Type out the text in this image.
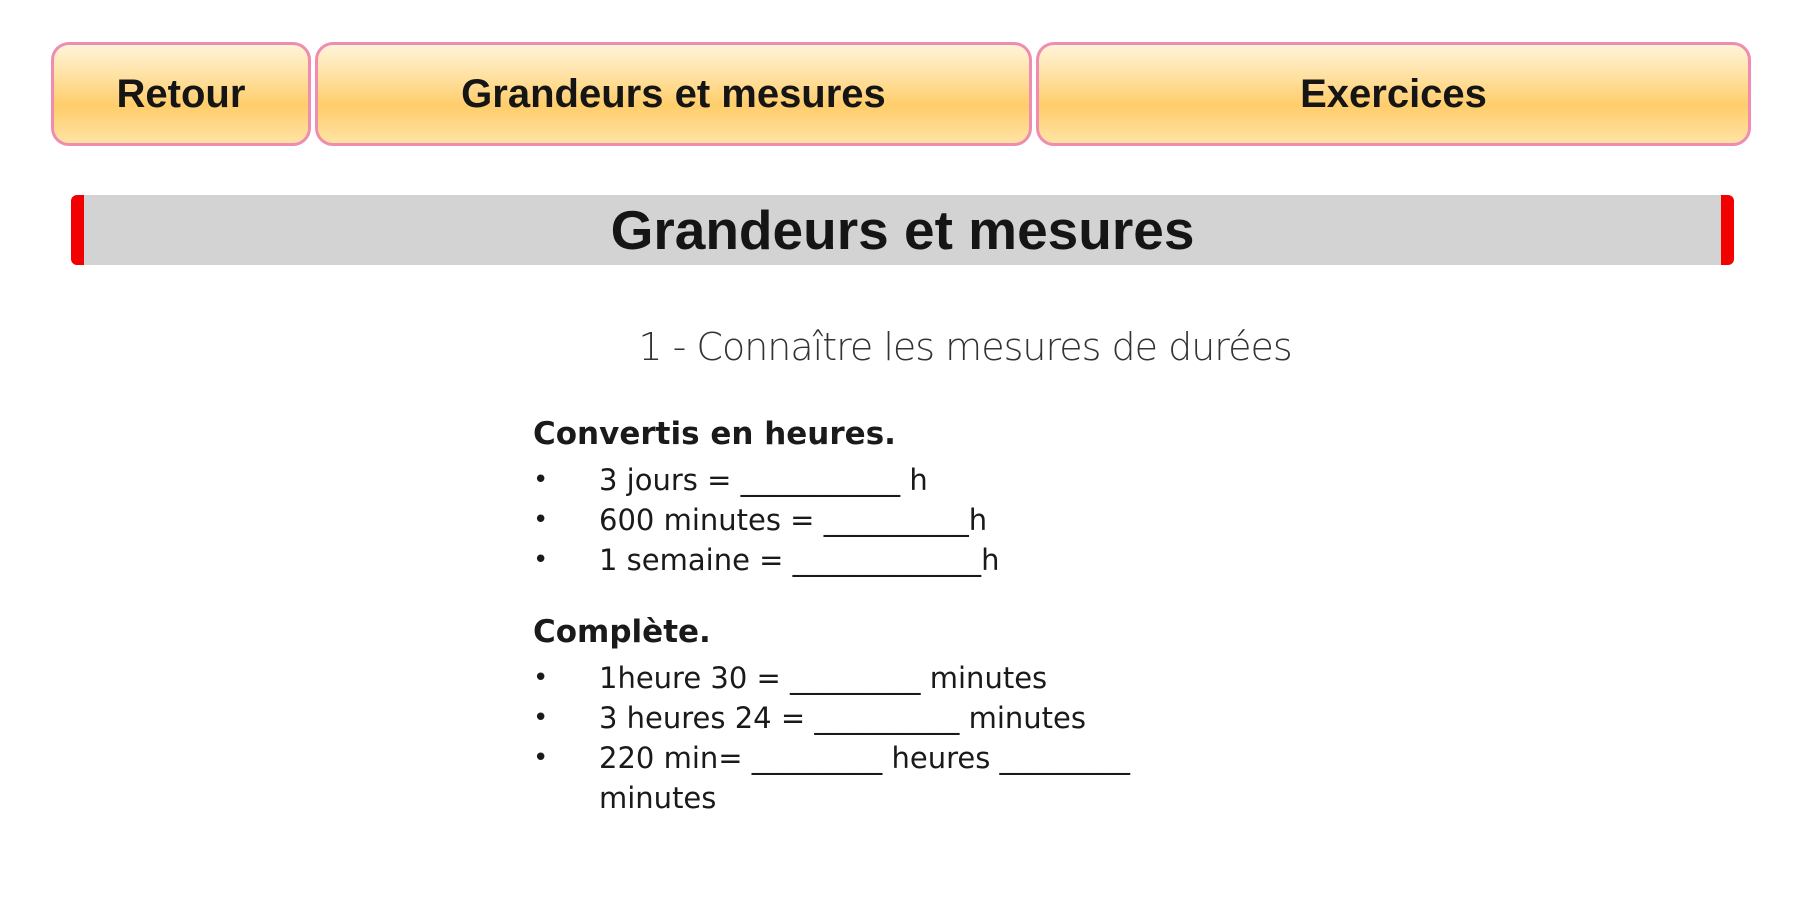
Retour	Grandeurs et mesures	Exercices
Grandeurs et mesures
1 - Connaître les mesures de durées
Convertis en heures.
• 3 jours = ___________ h
• 600 minutes = __________h
• 1 semaine = _____________h
Complète.
• 1heure 30 = _________ minutes
• 3 heures 24 = __________ minutes
• 220 min= _________ heures _________
minutes
